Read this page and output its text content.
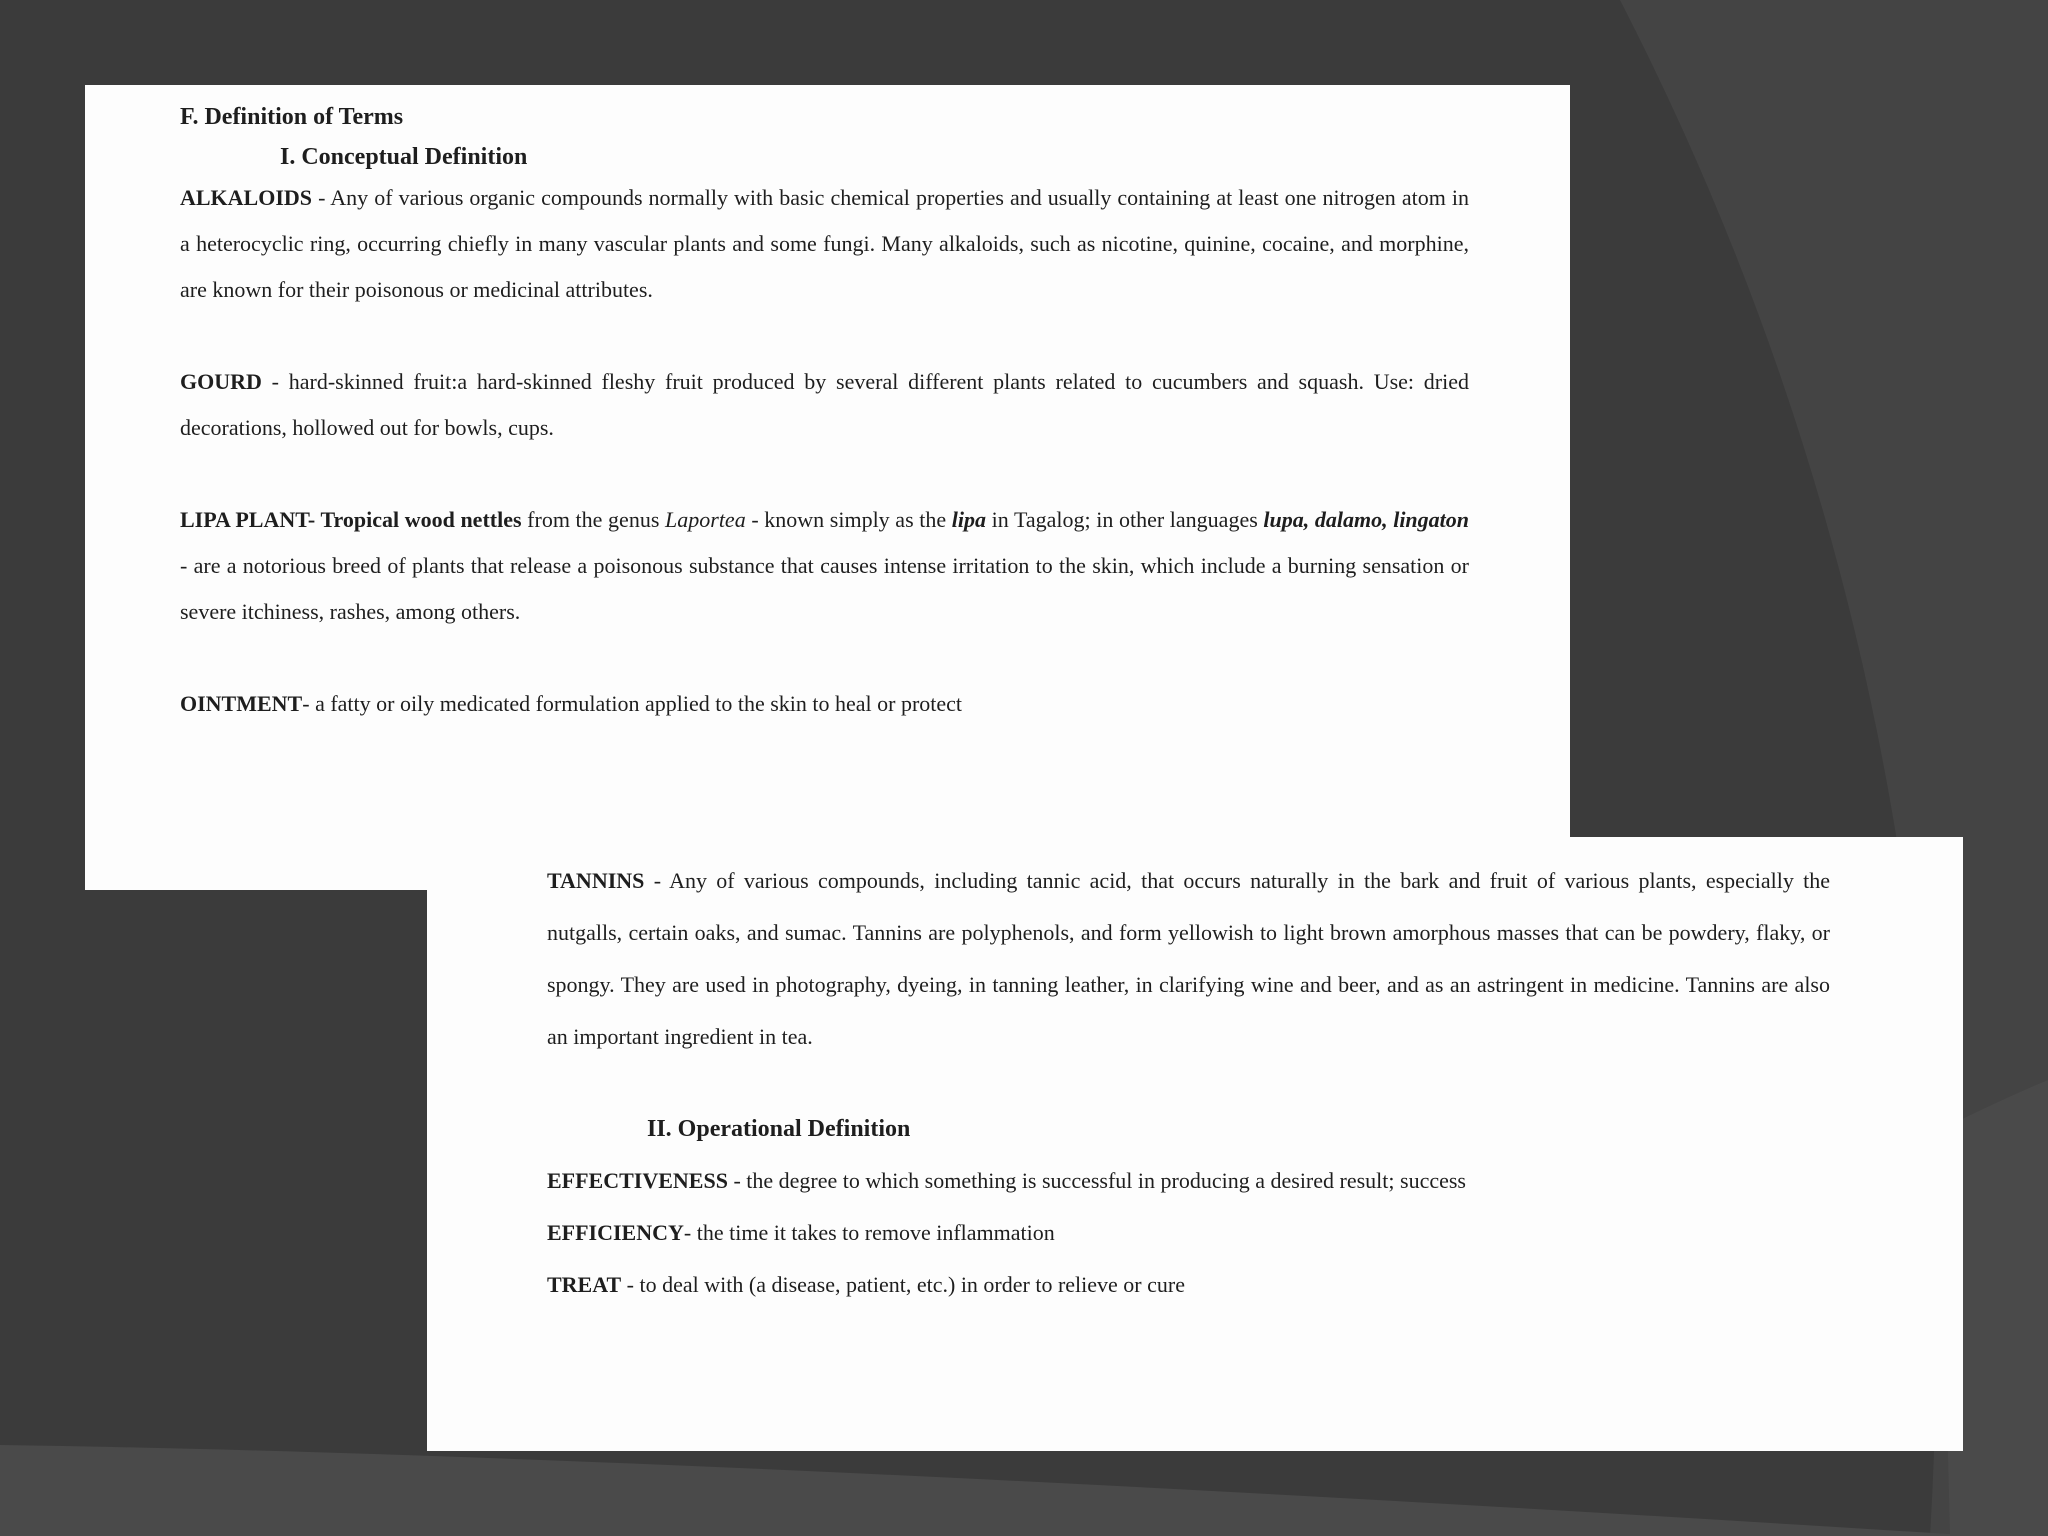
F. Definition of Terms

I. Conceptual Definition

ALKALOIDS - Any of various organic compounds normally with basic chemical properties and usually containing at least one nitrogen atom in a heterocyclic ring, occurring chiefly in many vascular plants and some fungi. Many alkaloids, such as nicotine, quinine, cocaine, and morphine, are known for their poisonous or medicinal attributes.

GOURD - hard-skinned fruit:a hard-skinned fleshy fruit produced by several different plants related to cucumbers and squash. Use: dried decorations, hollowed out for bowls, cups.

LIPA PLANT- Tropical wood nettles from the genus Laportea - known simply as the lipa in Tagalog; in other languages lupa, dalamo, lingaton - are a notorious breed of plants that release a poisonous substance that causes intense irritation to the skin, which include a burning sensation or severe itchiness, rashes, among others.

OINTMENT- a fatty or oily medicated formulation applied to the skin to heal or protect

TANNINS - Any of various compounds, including tannic acid, that occurs naturally in the bark and fruit of various plants, especially the nutgalls, certain oaks, and sumac. Tannins are polyphenols, and form yellowish to light brown amorphous masses that can be powdery, flaky, or spongy. They are used in photography, dyeing, in tanning leather, in clarifying wine and beer, and as an astringent in medicine. Tannins are also an important ingredient in tea.

II. Operational Definition

EFFECTIVENESS - the degree to which something is successful in producing a desired result; success

EFFICIENCY- the time it takes to remove inflammation

TREAT - to deal with (a disease, patient, etc.) in order to relieve or cure
